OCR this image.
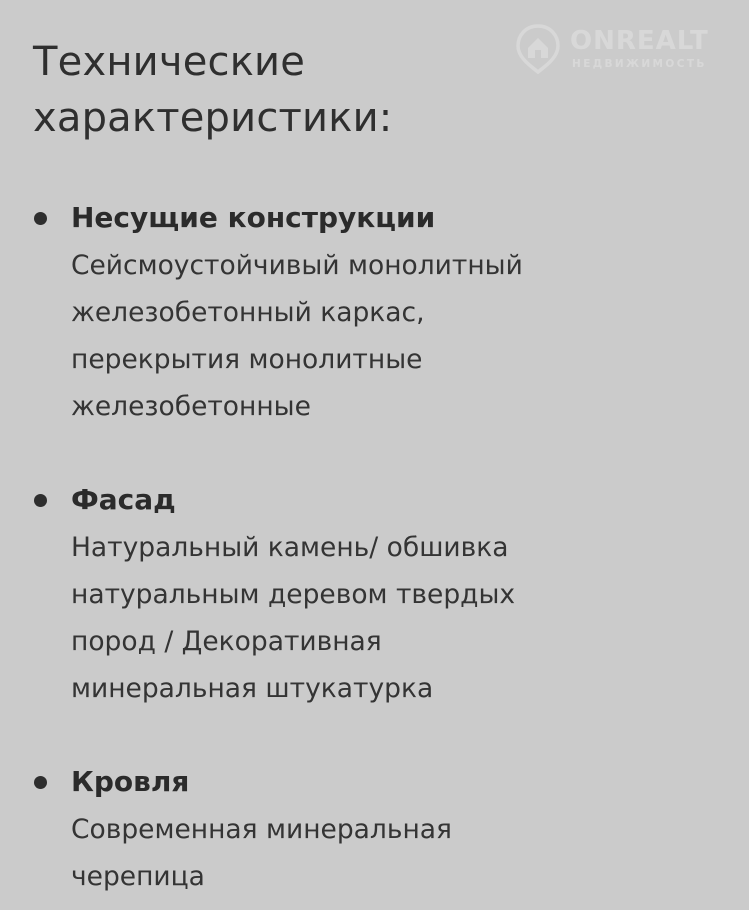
Технические
характеристики:
ONREALT
НЕДВИЖИМОСТЬ
Несущие конструкции

Сейсмоустойчивый монолитный
железобетонный каркас,
перекрытия монолитные
железобетонные

Фасад

Натуральный камень/ обшивка
натуральным деревом твердых
пород / Декоративная
минеральная штукатурка

Кровля

Современная минеральная
черепица
